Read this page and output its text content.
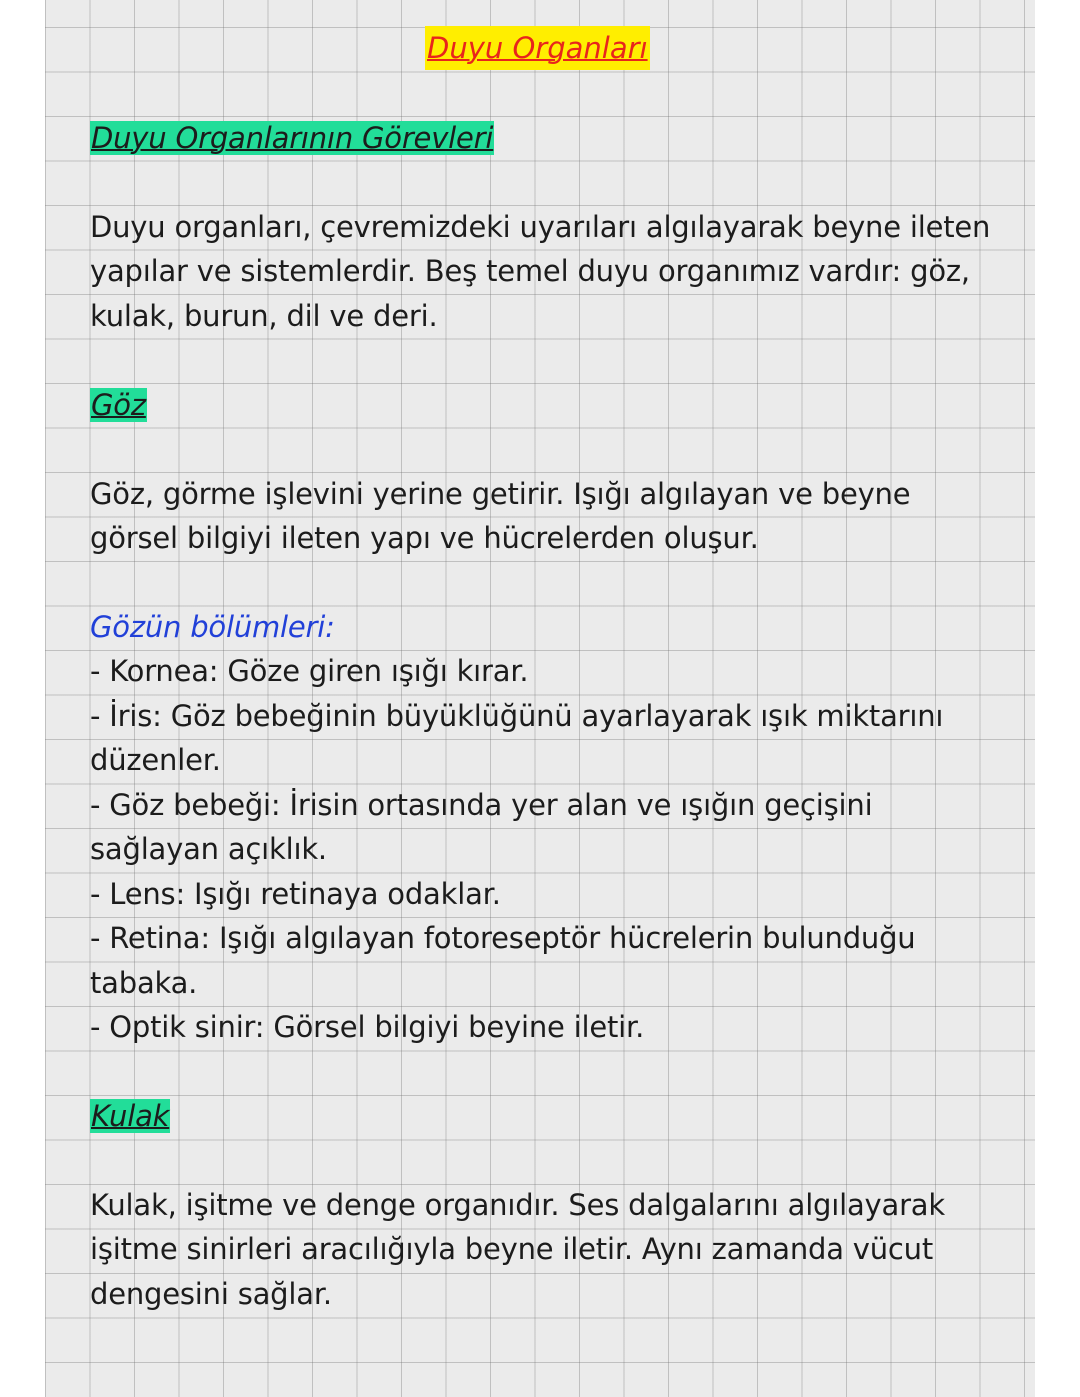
Duyu Organları
Duyu Organlarının Görevleri
Duyu organları, çevremizdeki uyarıları algılayarak beyne ileten
yapılar ve sistemlerdir. Beş temel duyu organımız vardır: göz,
kulak, burun, dil ve deri.
Göz
Göz, görme işlevini yerine getirir. Işığı algılayan ve beyne
görsel bilgiyi ileten yapı ve hücrelerden oluşur.
Gözün bölümleri:
- Kornea: Göze giren ışığı kırar.
- İris: Göz bebeğinin büyüklüğünü ayarlayarak ışık miktarını
düzenler.
- Göz bebeği: İrisin ortasında yer alan ve ışığın geçişini
sağlayan açıklık.
- Lens: Işığı retinaya odaklar.
- Retina: Işığı algılayan fotoreseptör hücrelerin bulunduğu
tabaka.
- Optik sinir: Görsel bilgiyi beyine iletir.
Kulak
Kulak, işitme ve denge organıdır. Ses dalgalarını algılayarak
işitme sinirleri aracılığıyla beyne iletir. Aynı zamanda vücut
dengesini sağlar.
